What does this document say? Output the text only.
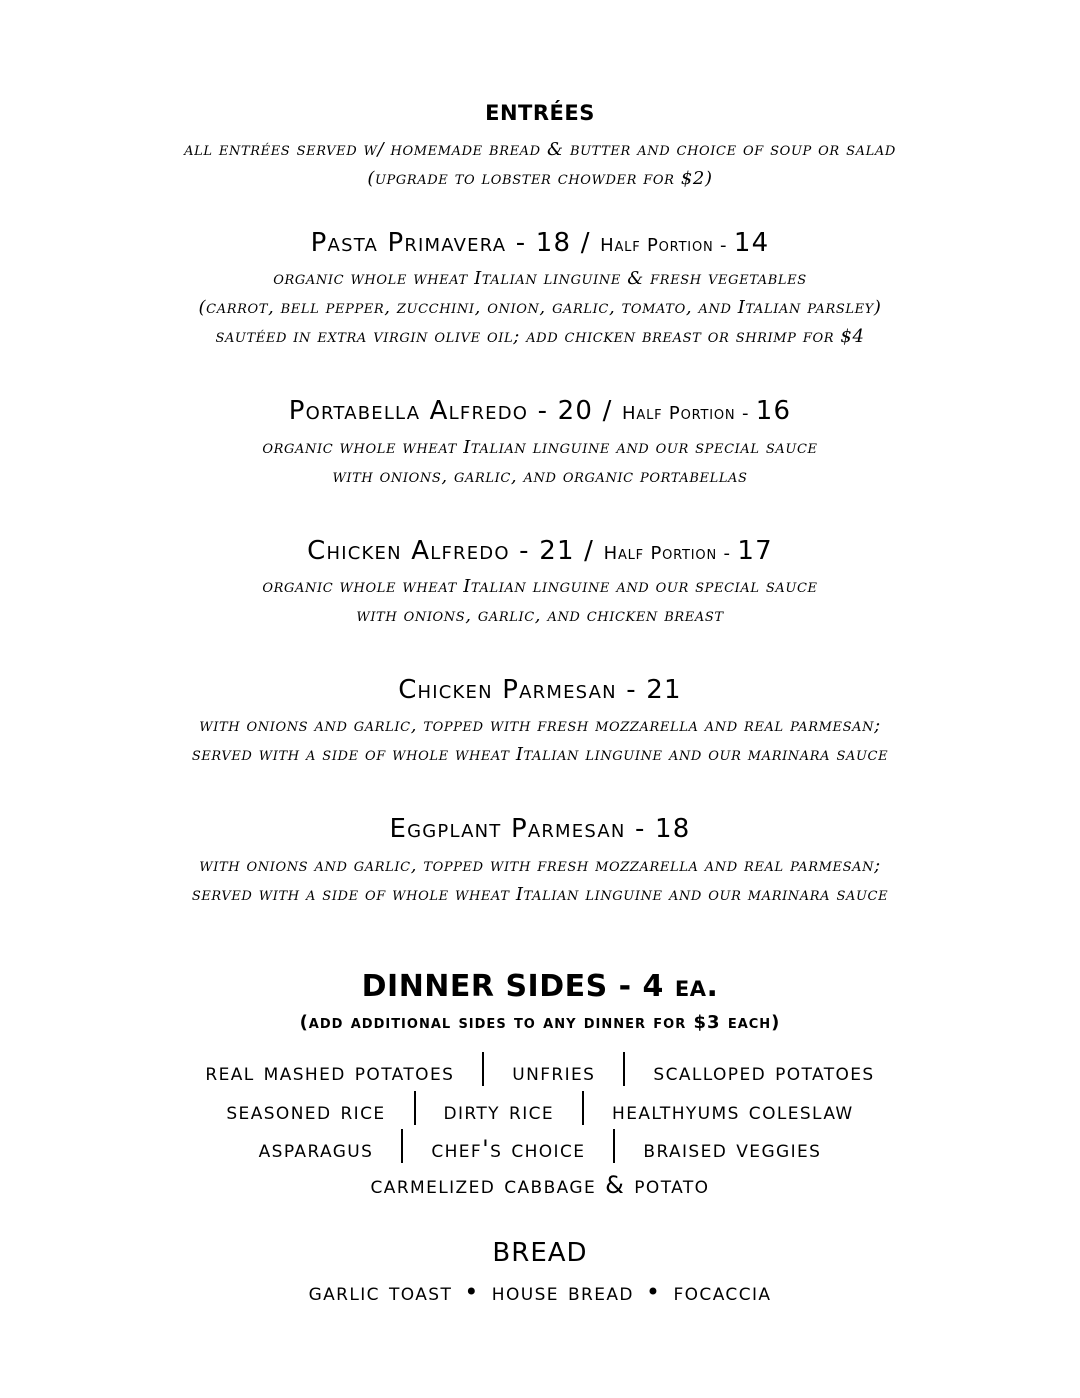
entrées
all entrées served w/ homemade bread & butter and choice of soup or salad
(upgrade to lobster chowder for $2)
Pasta Primavera - 18 / Half Portion - 14
organic whole wheat Italian linguine & fresh vegetables
(carrot, bell pepper, zucchini, onion, garlic, tomato, and Italian parsley)
sautéed in extra virgin olive oil; add chicken breast or shrimp for $4
Portabella Alfredo - 20 / Half Portion - 16
organic whole wheat Italian linguine and our special sauce
with onions, garlic, and organic portabellas
Chicken Alfredo - 21 / Half Portion - 17
organic whole wheat Italian linguine and our special sauce
with onions, garlic, and chicken breast
Chicken Parmesan - 21
with onions and garlic, topped with fresh mozzarella and real parmesan;
served with a side of whole wheat Italian linguine and our marinara sauce
Eggplant Parmesan - 18
with onions and garlic, topped with fresh mozzarella and real parmesan;
served with a side of whole wheat Italian linguine and our marinara sauce
DINNER SIDES - 4 ea.
(add additional sides to any dinner for $3 each)
real mashed potatoes unfries scalloped potatoes
seasoned rice dirty rice healthyums coleslaw
asparagus chef's choice braised veggies
carmelized cabbage & potato
BREAD
garlic toast • house bread • focaccia
